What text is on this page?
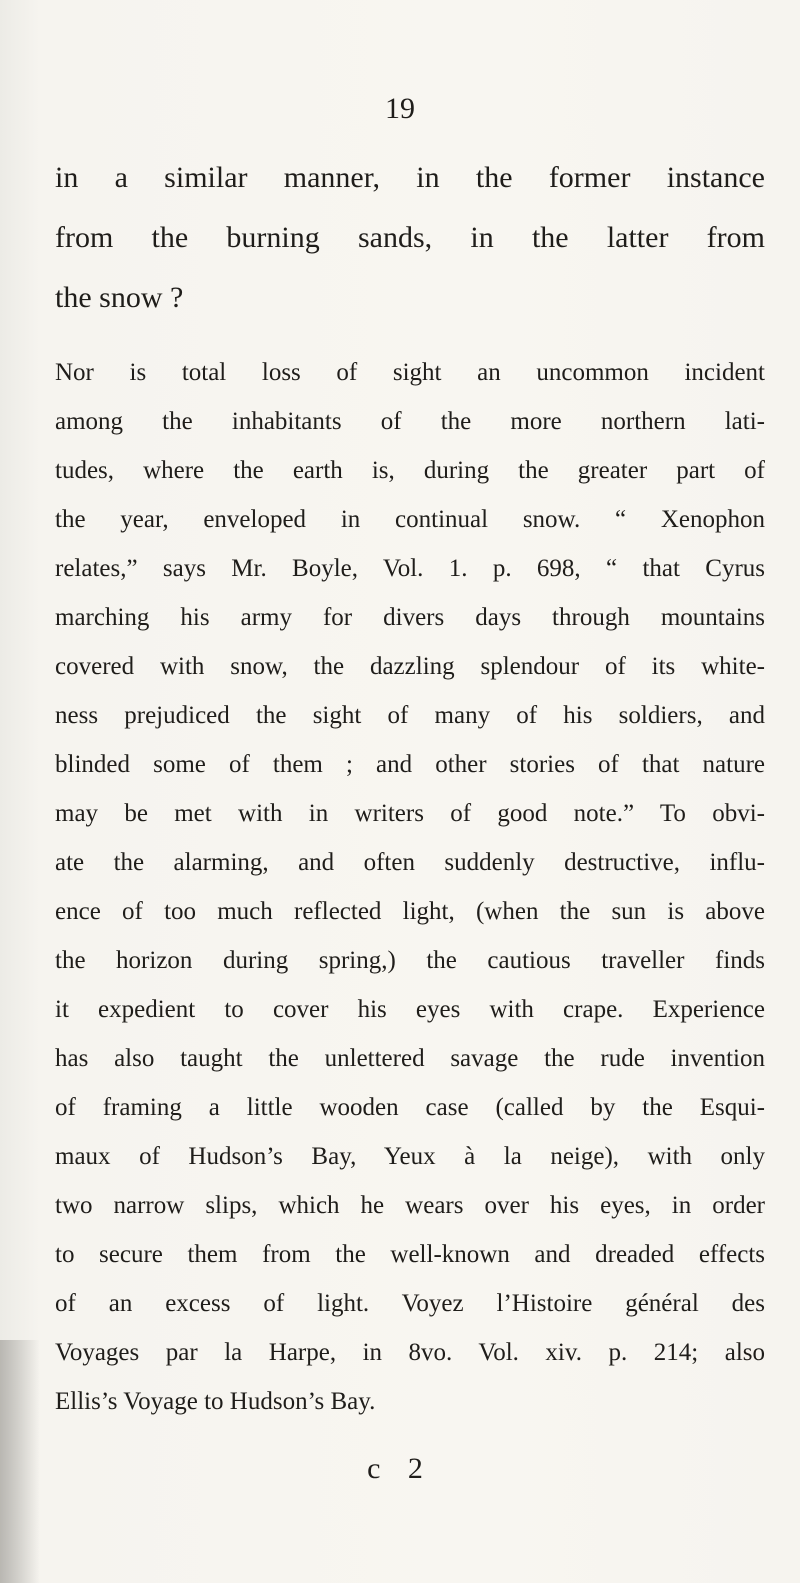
19
in a similar manner, in the former instance
from the burning sands, in the latter from
the snow ?
Nor is total loss of sight an uncommon incident
among the inhabitants of the more northern lati-
tudes, where the earth is, during the greater part of
the year, enveloped in continual snow. “ Xenophon
relates,” says Mr. Boyle, Vol. 1. p. 698, “ that Cyrus
marching his army for divers days through mountains
covered with snow, the dazzling splendour of its white-
ness prejudiced the sight of many of his soldiers, and
blinded some of them ; and other stories of that nature
may be met with in writers of good note.” To obvi-
ate the alarming, and often suddenly destructive, influ-
ence of too much reflected light, (when the sun is above
the horizon during spring,) the cautious traveller finds
it expedient to cover his eyes with crape. Experience
has also taught the unlettered savage the rude invention
of framing a little wooden case (called by the Esqui-
maux of Hudson’s Bay, Yeux à la neige), with only
two narrow slips, which he wears over his eyes, in order
to secure them from the well-known and dreaded effects
of an excess of light. Voyez l’Histoire général des
Voyages par la Harpe, in 8vo. Vol. xiv. p. 214; also
Ellis’s Voyage to Hudson’s Bay.
c 2
